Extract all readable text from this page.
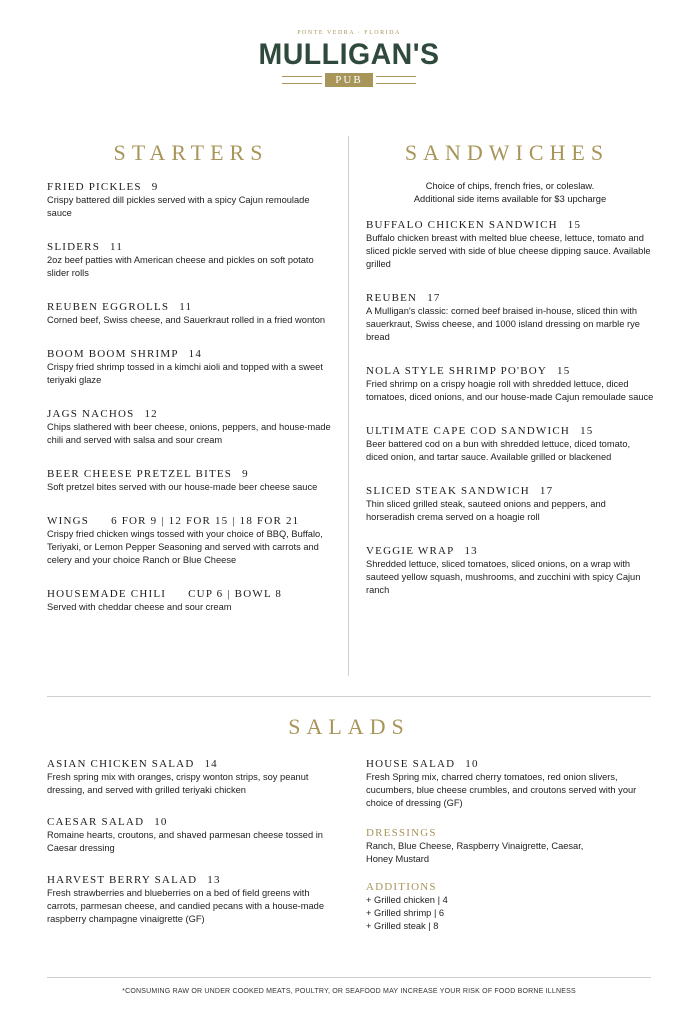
PONTE VEDRA · FLORIDA
MULLIGAN'S
PUB
STARTERS
FRIED PICKLES 9
Crispy battered dill pickles served with a spicy Cajun remoulade sauce
SLIDERS 11
2oz beef patties with American cheese and pickles on soft potato slider rolls
REUBEN EGGROLLS 11
Corned beef, Swiss cheese, and Sauerkraut rolled in a fried wonton
BOOM BOOM SHRIMP 14
Crispy fried shrimp tossed in a kimchi aioli and topped with a sweet teriyaki glaze
JAGS NACHOS 12
Chips slathered with beer cheese, onions, peppers, and house-made chili and served with salsa and sour cream
BEER CHEESE PRETZEL BITES 9
Soft pretzel bites served with our house-made beer cheese sauce
WINGS 6 FOR 9 | 12 FOR 15 | 18 FOR 21
Crispy fried chicken wings tossed with your choice of BBQ, Buffalo, Teriyaki, or Lemon Pepper Seasoning and served with carrots and celery and your choice Ranch or Blue Cheese
HOUSEMADE CHILI CUP 6 | BOWL 8
Served with cheddar cheese and sour cream
SANDWICHES
Choice of chips, french fries, or coleslaw.
Additional side items available for $3 upcharge
BUFFALO CHICKEN SANDWICH 15
Buffalo chicken breast with melted blue cheese, lettuce, tomato and sliced pickle served with side of blue cheese dipping sauce. Available grilled
REUBEN 17
A Mulligan's classic: corned beef braised in-house, sliced thin with sauerkraut, Swiss cheese, and 1000 island dressing on marble rye bread
NOLA STYLE SHRIMP PO'BOY 15
Fried shrimp on a crispy hoagie roll with shredded lettuce, diced tomatoes, diced onions, and our house-made Cajun remoulade sauce
ULTIMATE CAPE COD SANDWICH 15
Beer battered cod on a bun with shredded lettuce, diced tomato, diced onion, and tartar sauce. Available grilled or blackened
SLICED STEAK SANDWICH 17
Thin sliced grilled steak, sauteed onions and peppers, and horseradish crema served on a hoagie roll
VEGGIE WRAP 13
Shredded lettuce, sliced tomatoes, sliced onions, on a wrap with sauteed yellow squash, mushrooms, and zucchini with spicy Cajun ranch
SALADS
ASIAN CHICKEN SALAD 14
Fresh spring mix with oranges, crispy wonton strips, soy peanut dressing, and served with grilled teriyaki chicken
CAESAR SALAD 10
Romaine hearts, croutons, and shaved parmesan cheese tossed in Caesar dressing
HARVEST BERRY SALAD 13
Fresh strawberries and blueberries on a bed of field greens with carrots, parmesan cheese, and candied pecans with a house-made raspberry champagne vinaigrette (GF)
HOUSE SALAD 10
Fresh Spring mix, charred cherry tomatoes, red onion slivers, cucumbers, blue cheese crumbles, and croutons served with your choice of dressing (GF)
DRESSINGS
Ranch, Blue Cheese, Raspberry Vinaigrette, Caesar,
Honey Mustard
ADDITIONS
+ Grilled chicken | 4
+ Grilled shrimp | 6
+ Grilled steak | 8
*CONSUMING RAW OR UNDER COOKED MEATS, POULTRY, OR SEAFOOD MAY INCREASE YOUR RISK OF FOOD BORNE ILLNESS
